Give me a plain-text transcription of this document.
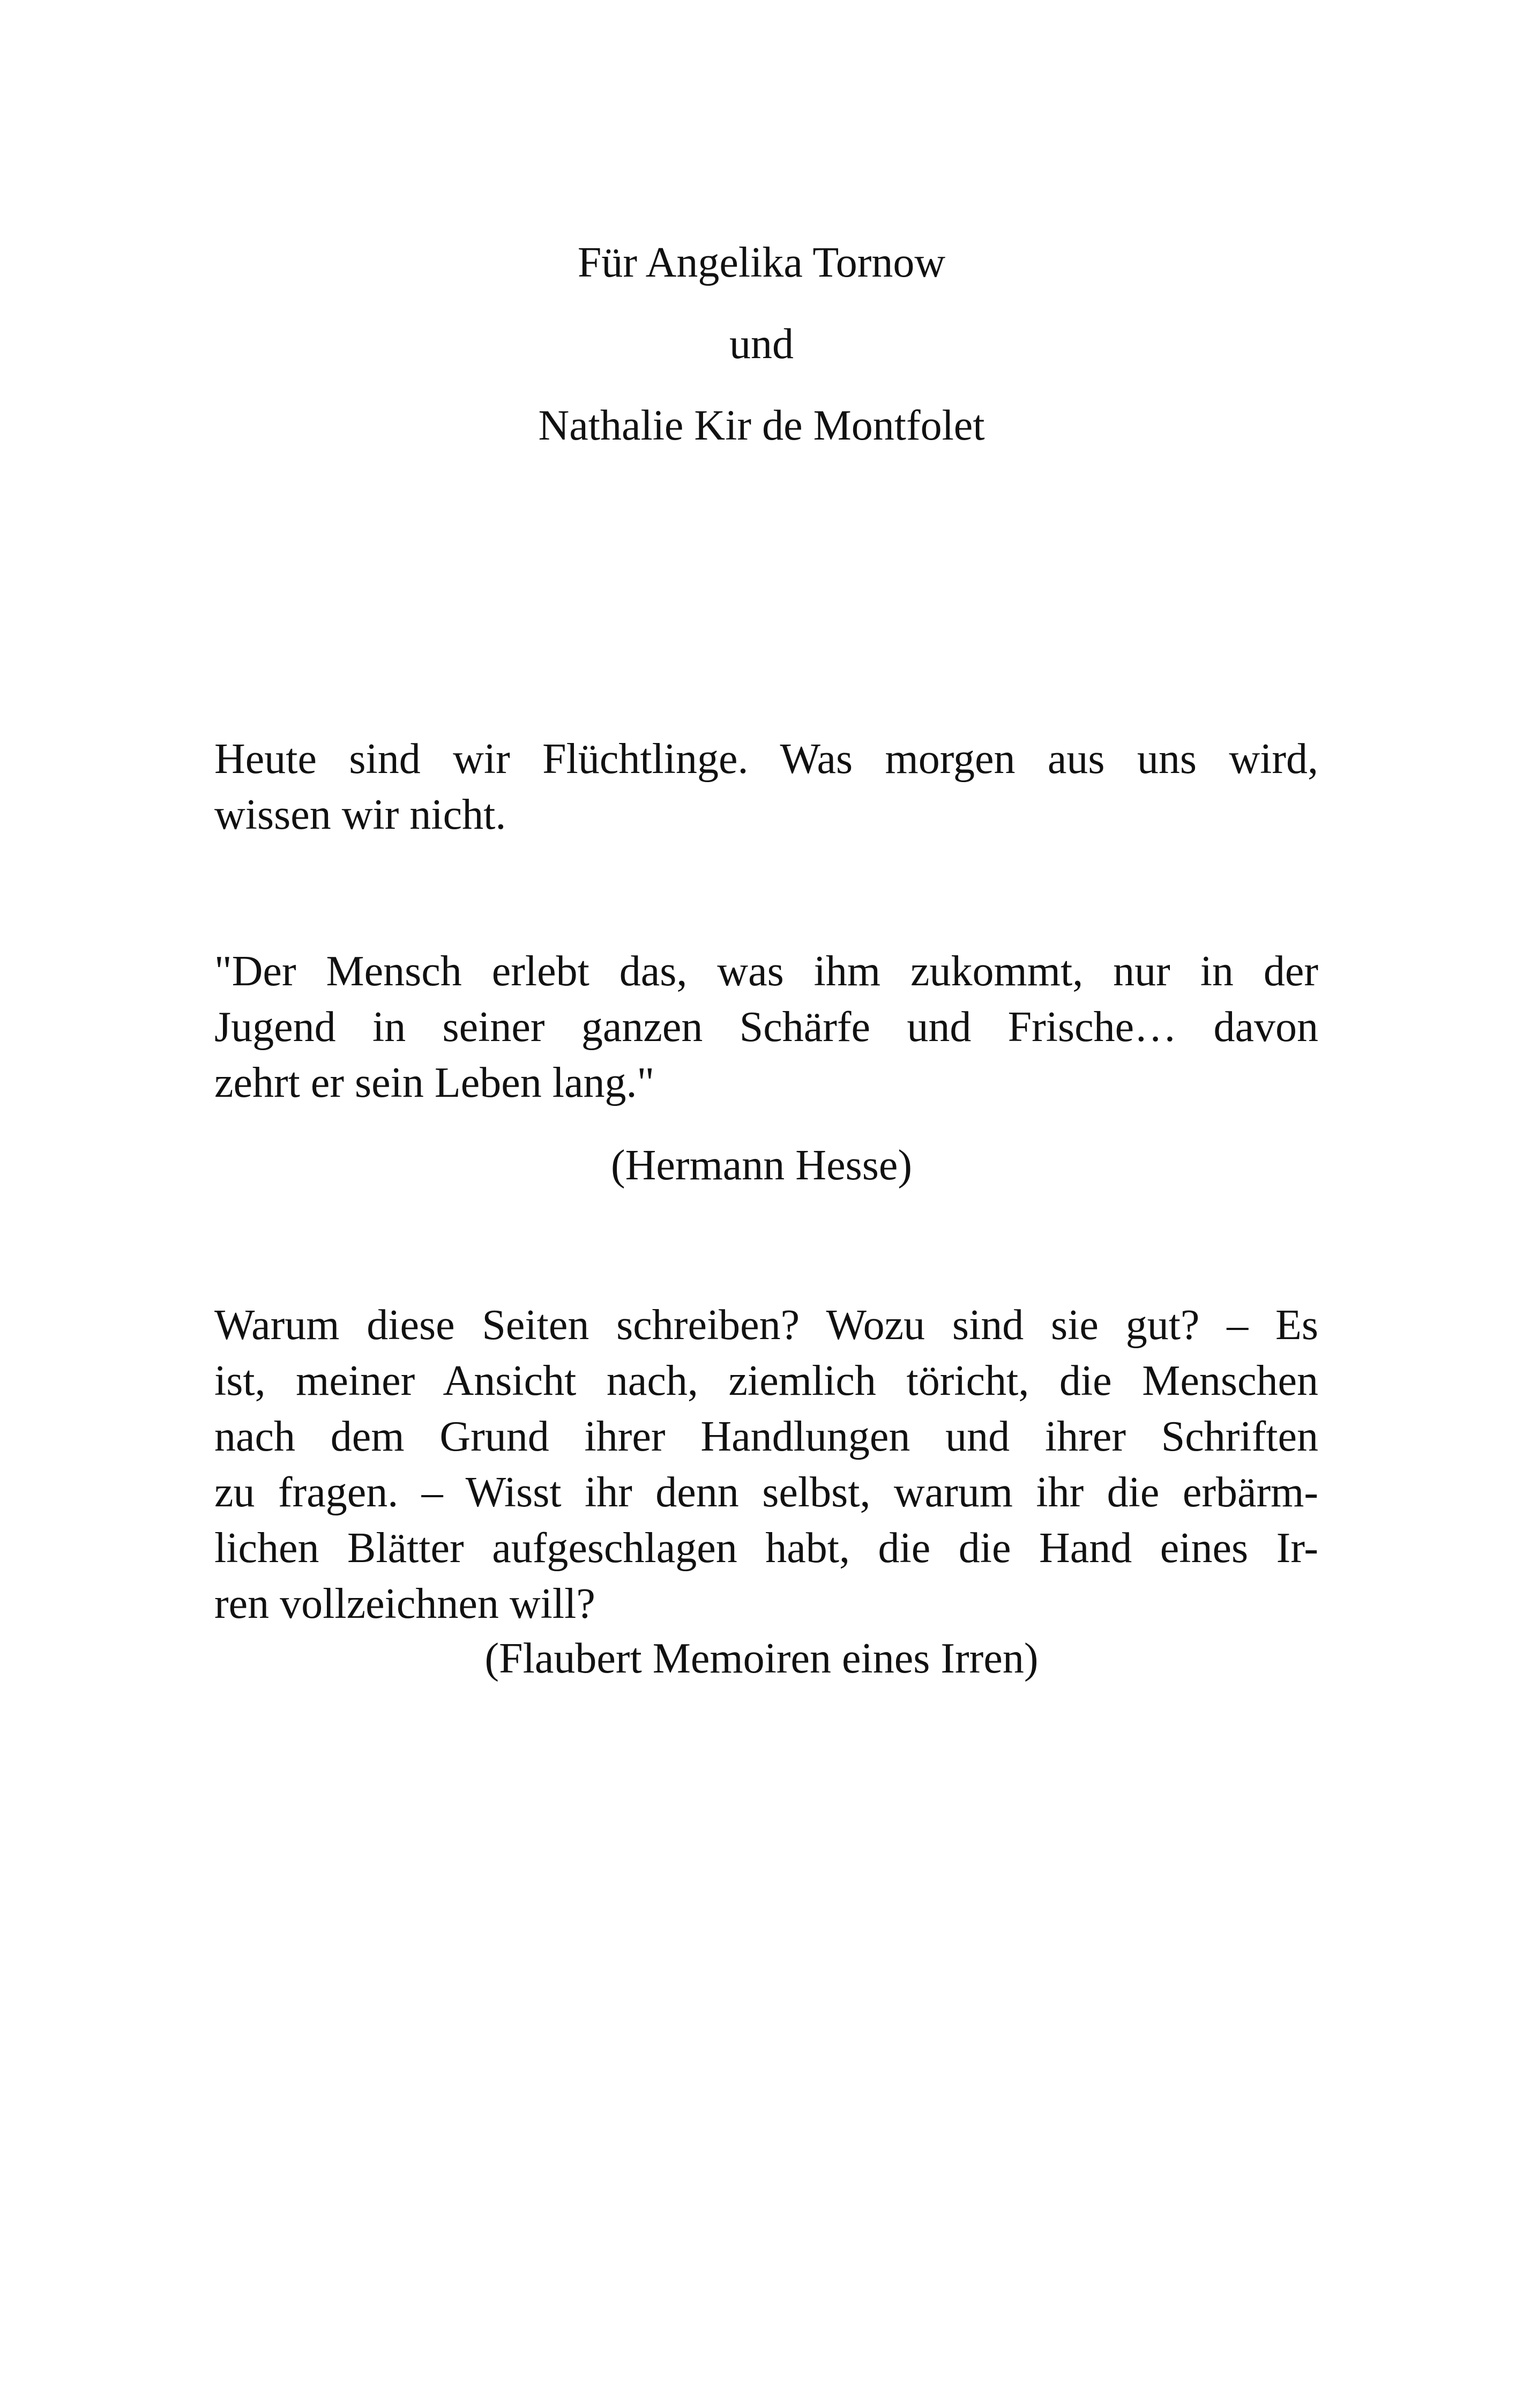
Für Angelika Tornow

und

Nathalie Kir de Montfolet

Heute sind wir Flüchtlinge. Was morgen aus uns wird,
wissen wir nicht.
"Der Mensch erlebt das, was ihm zukommt, nur in der
Jugend in seiner ganzen Schärfe und Frische… davon
zehrt er sein Leben lang."

(Hermann Hesse)

Warum diese Seiten schreiben? Wozu sind sie gut? – Es
ist, meiner Ansicht nach, ziemlich töricht, die Menschen
nach dem Grund ihrer Handlungen und ihrer Schriften
zu fragen. – Wisst ihr denn selbst, warum ihr die erbärm-
lichen Blätter aufgeschlagen habt, die die Hand eines Ir-
ren vollzeichnen will?

(Flaubert Memoiren eines Irren)
